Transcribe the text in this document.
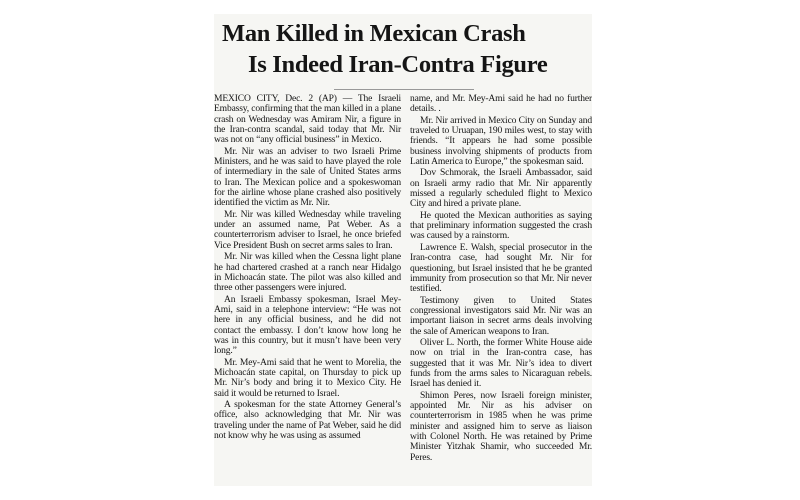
Man Killed in Mexican Crash
Is Indeed Iran-Contra Figure

MEXICO CITY, Dec. 2 (AP) — The Israeli Embassy, confirming that the man killed in a plane crash on Wednesday was Amiram Nir, a figure in the Iran-contra scandal, said today that Mr. Nir was not on “any official business” in Mexico.

Mr. Nir was an adviser to two Israeli Prime Ministers, and he was said to have played the role of intermediary in the sale of United States arms to Iran. The Mexican police and a spokeswoman for the airline whose plane crashed also positively identified the victim as Mr. Nir.

Mr. Nir was killed Wednesday while traveling under an assumed name, Pat Weber. As a counterterrorism adviser to Israel, he once briefed Vice President Bush on secret arms sales to Iran.

Mr. Nir was killed when the Cessna light plane he had chartered crashed at a ranch near Hidalgo in Michoacán state. The pilot was also killed and three other passengers were injured.

An Israeli Embassy spokesman, Israel Mey-Ami, said in a telephone interview: “He was not here in any official business, and he did not contact the embassy. I don’t know how long he was in this country, but it musn’t have been very long.”

Mr. Mey-Ami said that he went to Morelia, the Michoacán state capital, on Thursday to pick up Mr. Nir’s body and bring it to Mexico City. He said it would be returned to Israel.

A spokesman for the state Attorney General’s office, also acknowledging that Mr. Nir was traveling under the name of Pat Weber, said he did not know why he was using as assumed

name, and Mr. Mey-Ami said he had no further details. .

Mr. Nir arrived in Mexico City on Sunday and traveled to Uruapan, 190 miles west, to stay with friends. “It appears he had some possible business involving shipments of products from Latin America to Europe,” the spokesman said.

Dov Schmorak, the Israeli Ambassador, said on Israeli army radio that Mr. Nir apparently missed a regularly scheduled flight to Mexico City and hired a private plane.

He quoted the Mexican authorities as saying that preliminary information suggested the crash was caused by a rainstorm.

Lawrence E. Walsh, special prosecutor in the Iran-contra case, had sought Mr. Nir for questioning, but Israel insisted that he be granted immunity from prosecution so that Mr. Nir never testified.

Testimony given to United States congressional investigators said Mr. Nir was an important liaison in secret arms deals involving the sale of American weapons to Iran.

Oliver L. North, the former White House aide now on trial in the Iran-contra case, has suggested that it was Mr. Nir’s idea to divert funds from the arms sales to Nicaraguan rebels. Israel has denied it.

Shimon Peres, now Israeli foreign minister, appointed Mr. Nir as his adviser on counterterrorism in 1985 when he was prime minister and assigned him to serve as liaison with Colonel North. He was retained by Prime Minister Yitzhak Shamir, who succeeded Mr. Peres.
